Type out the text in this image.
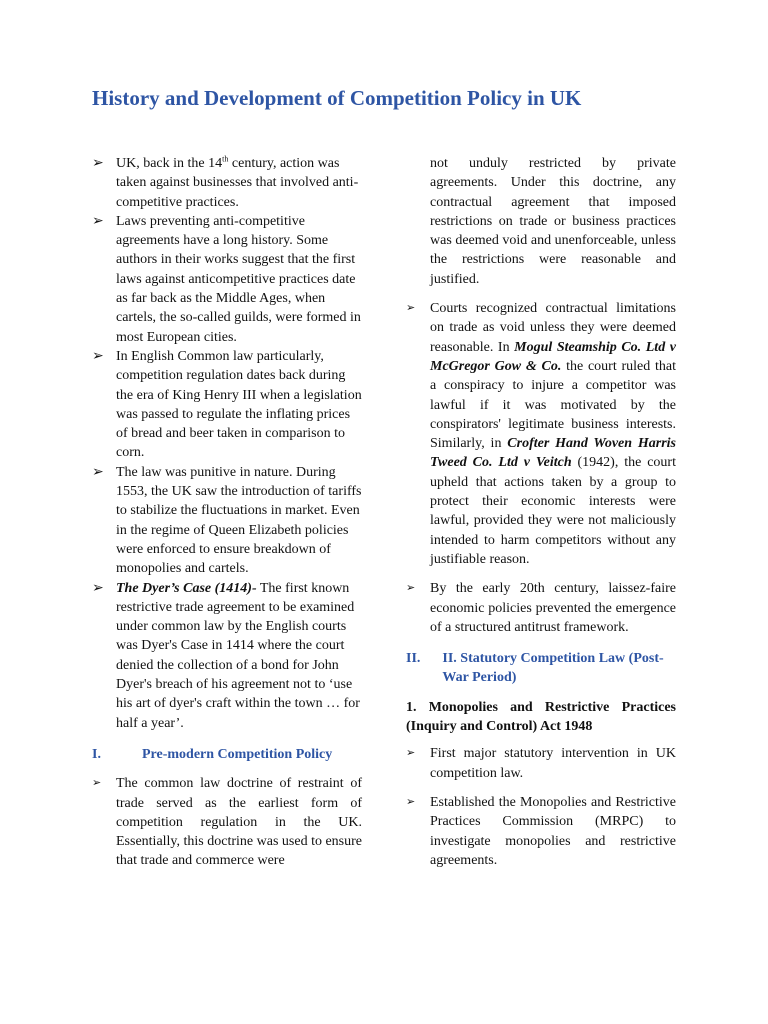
History and Development of Competition Policy in UK
➢ UK, back in the 14th century, action was taken against businesses that involved anti- competitive practices.
➢ Laws preventing anti-competitive agreements have a long history. Some authors in their works suggest that the first laws against anticompetitive practices date as far back as the Middle Ages, when cartels, the so-called guilds, were formed in most European cities.
➢ In English Common law particularly, competition regulation dates back during the era of King Henry III when a legislation was passed to regulate the inflating prices of bread and beer taken in comparison to corn.
➢ The law was punitive in nature. During 1553, the UK saw the introduction of tariffs to stabilize the fluctuations in market. Even in the regime of Queen Elizabeth policies were enforced to ensure breakdown of monopolies and cartels.
➢ The Dyer’s Case (1414)- The first known restrictive trade agreement to be examined under common law by the English courts was Dyer's Case in 1414 where the court denied the collection of a bond for John Dyer's breach of his agreement not to ‘use his art of dyer's craft within the town … for half a year’.
I.	Pre-modern Competition Policy
➢ The common law doctrine of restraint of trade served as the earliest form of competition regulation in the UK. Essentially, this doctrine was used to ensure that trade and commerce were
not unduly restricted by private agreements. Under this doctrine, any contractual agreement that imposed restrictions on trade or business practices was deemed void and unenforceable, unless the restrictions were reasonable and justified.
➢ Courts recognized contractual limitations on trade as void unless they were deemed reasonable. In Mogul Steamship Co. Ltd v McGregor Gow & Co. the court ruled that a conspiracy to injure a competitor was lawful if it was motivated by the conspirators' legitimate business interests. Similarly, in Crofter Hand Woven Harris Tweed Co. Ltd v Veitch (1942), the court upheld that actions taken by a group to protect their economic interests were lawful, provided they were not maliciously intended to harm competitors without any justifiable reason.
➢ By the early 20th century, laissez-faire economic policies prevented the emergence of a structured antitrust framework.
II.	II. Statutory Competition Law (Post-War Period)
1. Monopolies and Restrictive Practices (Inquiry and Control) Act 1948
➢ First major statutory intervention in UK competition law.
➢ Established the Monopolies and Restrictive Practices Commission (MRPC) to investigate monopolies and restrictive agreements.
